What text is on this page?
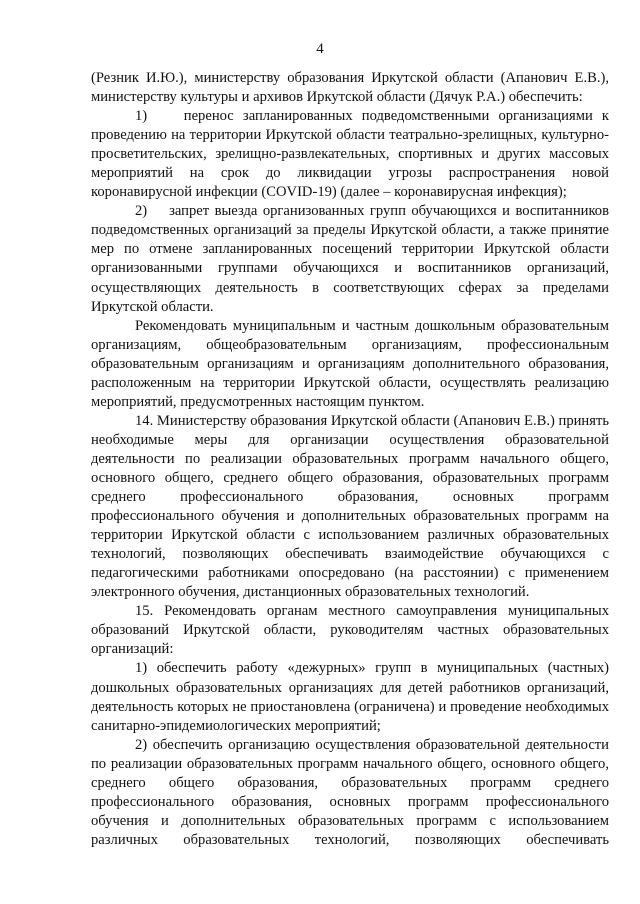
4

(Резник И.Ю.), министерству образования Иркутской области (Апанович Е.В.), министерству культуры и архивов Иркутской области (Дячук Р.А.) обеспечить:

1)    перенос запланированных подведомственными организациями к проведению на территории Иркутской области театрально-зрелищных, культурно-просветительских, зрелищно-развлекательных, спортивных и других массовых мероприятий на срок до ликвидации угрозы распространения новой коронавирусной инфекции (COVID-19) (далее – коронавирусная инфекция);

2)    запрет выезда организованных групп обучающихся и воспитанников подведомственных организаций за пределы Иркутской области, а также принятие мер по отмене запланированных посещений территории Иркутской области организованными группами обучающихся и воспитанников организаций, осуществляющих деятельность в соответствующих сферах за пределами Иркутской области.

Рекомендовать муниципальным и частным дошкольным образовательным организациям, общеобразовательным организациям, профессиональным образовательным организациям и организациям дополнительного образования, расположенным на территории Иркутской области, осуществлять реализацию мероприятий, предусмотренных настоящим пунктом.

14. Министерству образования Иркутской области (Апанович Е.В.) принять необходимые меры для организации осуществления образовательной деятельности по реализации образовательных программ начального общего, основного общего, среднего общего образования, образовательных программ среднего профессионального образования, основных программ профессионального обучения и дополнительных образовательных программ на территории Иркутской области с использованием различных образовательных технологий, позволяющих обеспечивать взаимодействие обучающихся с педагогическими работниками опосредовано (на расстоянии) с применением электронного обучения, дистанционных образовательных технологий.

15. Рекомендовать органам местного самоуправления муниципальных образований Иркутской области, руководителям частных образовательных организаций:

1) обеспечить работу «дежурных» групп в муниципальных (частных) дошкольных образовательных организациях для детей работников организаций, деятельность которых не приостановлена (ограничена) и проведение необходимых санитарно-эпидемиологических мероприятий;

2) обеспечить организацию осуществления образовательной деятельности по реализации образовательных программ начального общего, основного общего, среднего общего образования, образовательных программ среднего профессионального образования, основных программ профессионального обучения и дополнительных образовательных программ с использованием различных образовательных технологий, позволяющих обеспечивать
